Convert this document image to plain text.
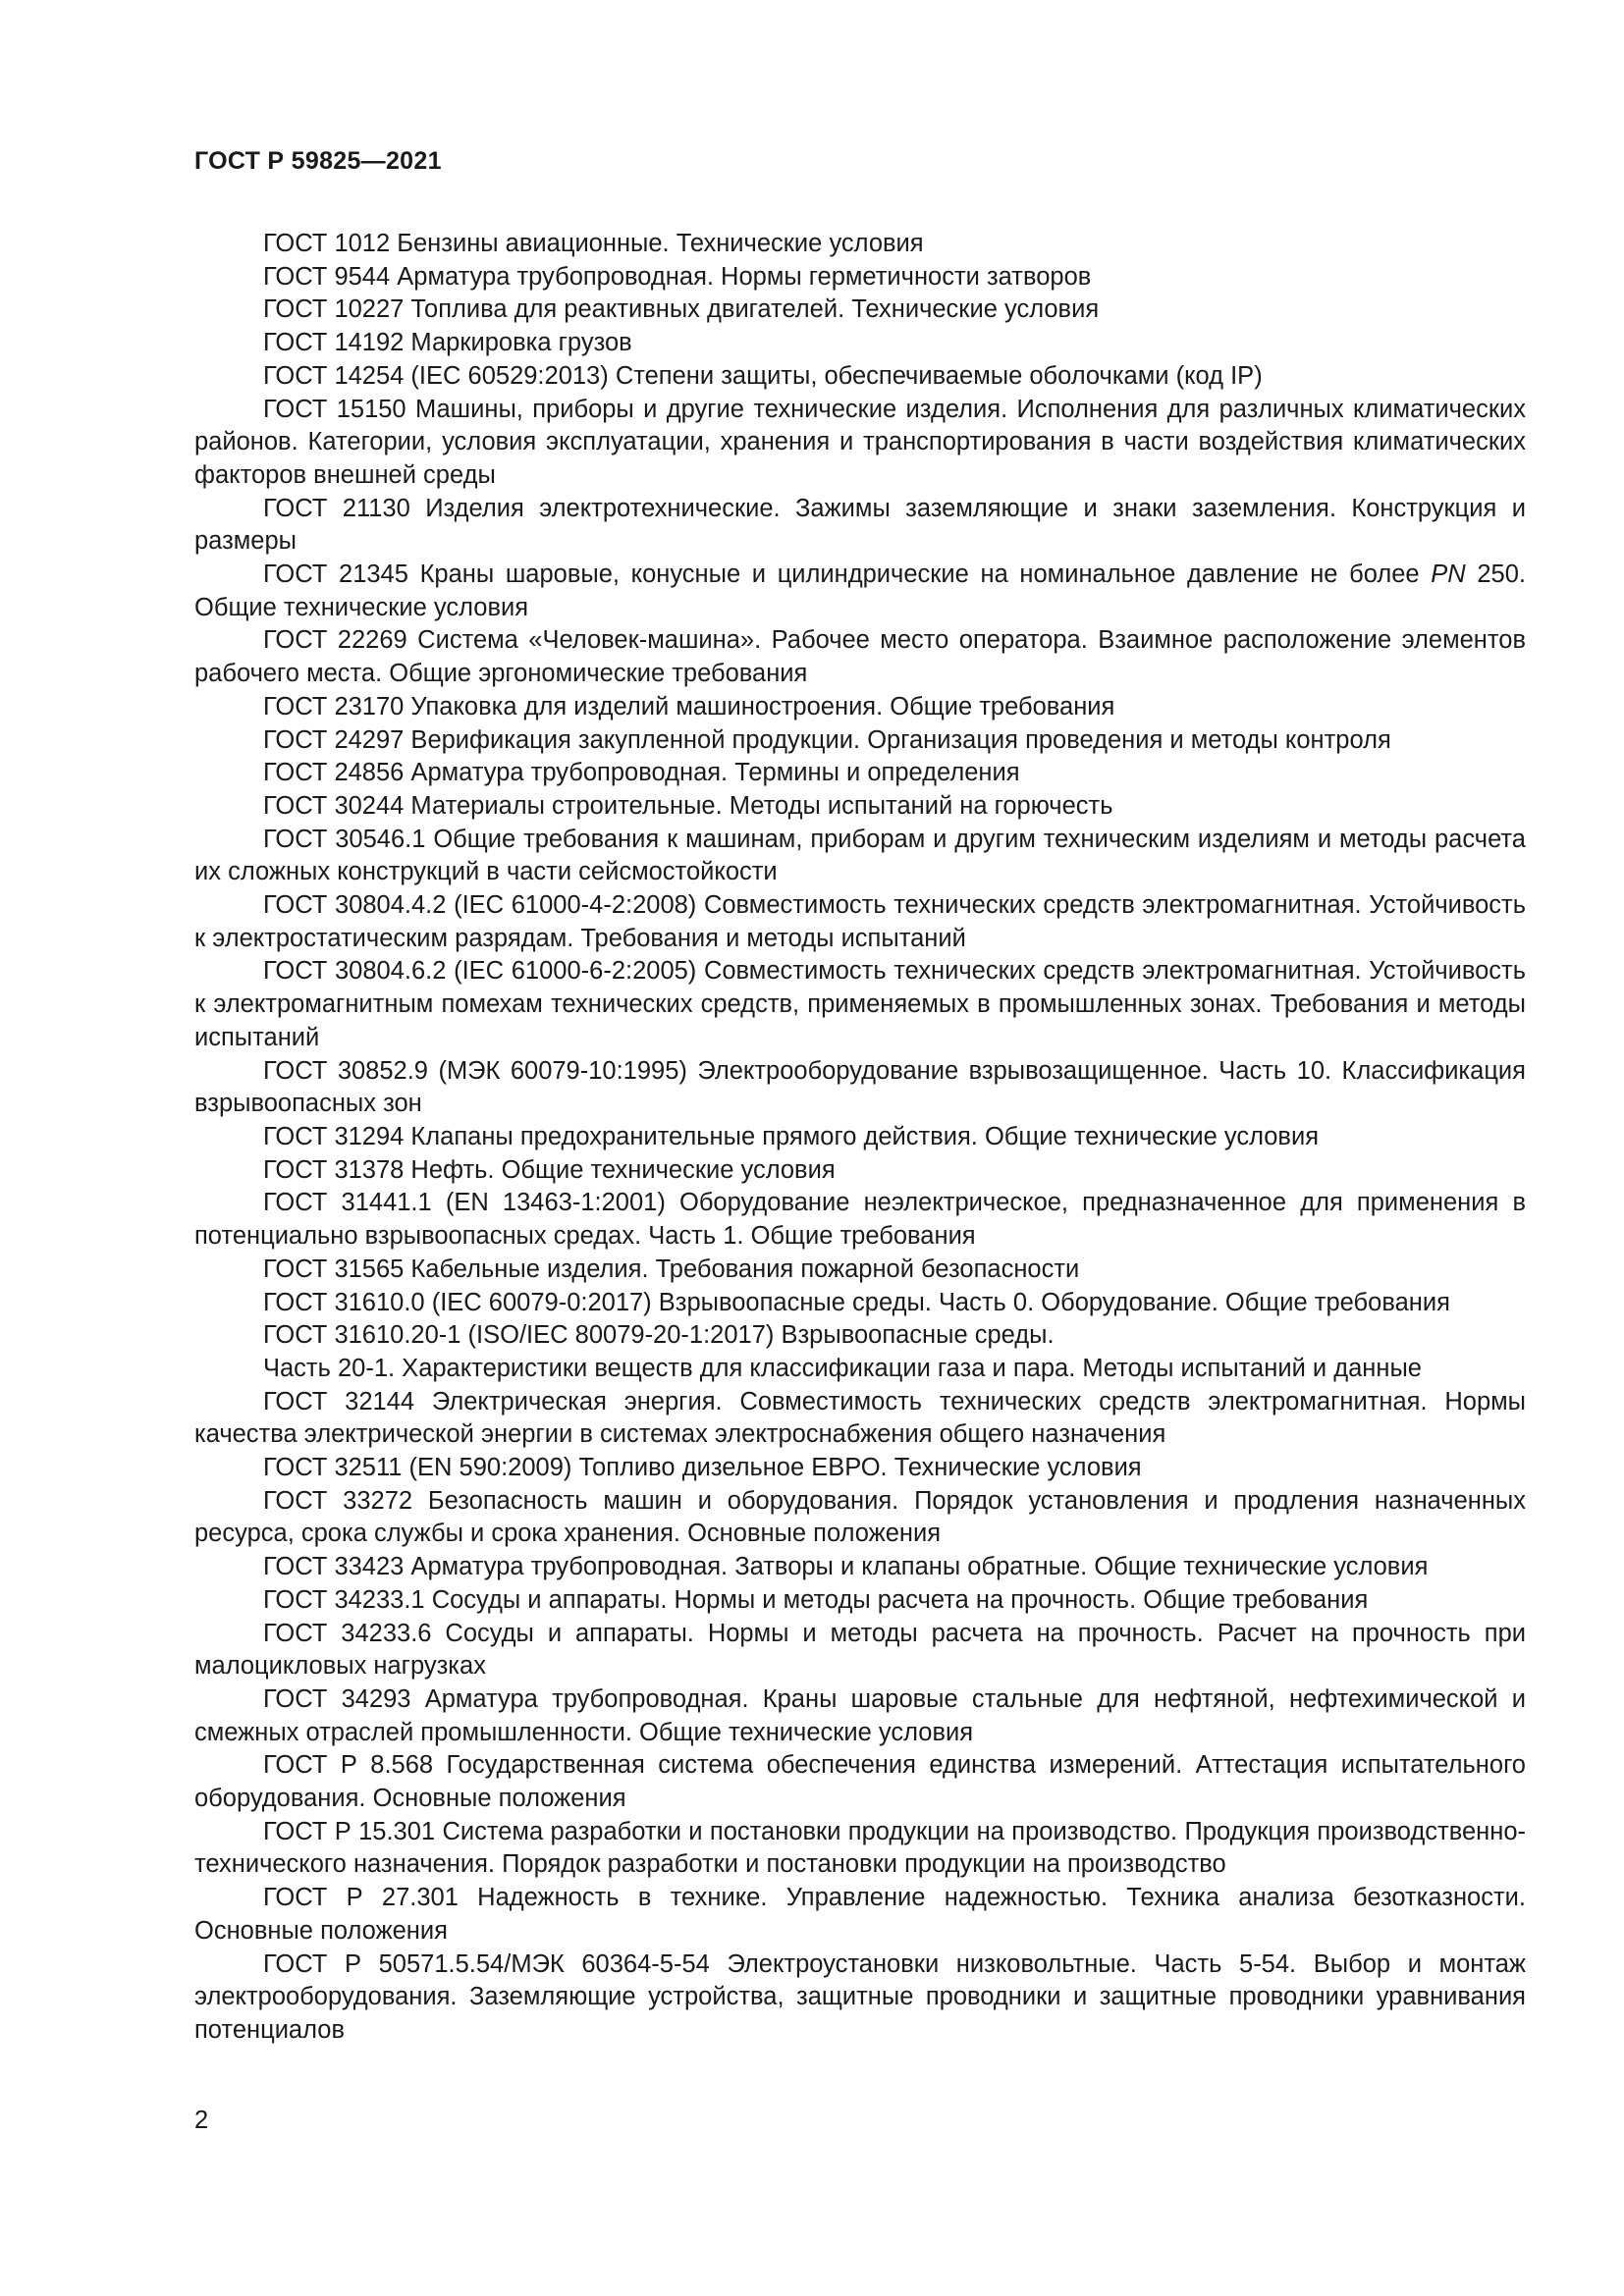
ГОСТ Р 59825—2021

ГОСТ 1012 Бензины авиационные. Технические условия

ГОСТ 9544 Арматура трубопроводная. Нормы герметичности затворов

ГОСТ 10227 Топлива для реактивных двигателей. Технические условия

ГОСТ 14192 Маркировка грузов

ГОСТ 14254 (IEC 60529:2013) Степени защиты, обеспечиваемые оболочками (код IP)

ГОСТ 15150 Машины, приборы и другие технические изделия. Исполнения для различных климатических районов. Категории, условия эксплуатации, хранения и транспортирования в части воздействия климатических факторов внешней среды

ГОСТ 21130 Изделия электротехнические. Зажимы заземляющие и знаки заземления. Конструкция и размеры

ГОСТ 21345 Краны шаровые, конусные и цилиндрические на номинальное давление не более PN 250. Общие технические условия

ГОСТ 22269 Система «Человек-машина». Рабочее место оператора. Взаимное расположение элементов рабочего места. Общие эргономические требования

ГОСТ 23170 Упаковка для изделий машиностроения. Общие требования

ГОСТ 24297 Верификация закупленной продукции. Организация проведения и методы контроля

ГОСТ 24856 Арматура трубопроводная. Термины и определения

ГОСТ 30244 Материалы строительные. Методы испытаний на горючесть

ГОСТ 30546.1 Общие требования к машинам, приборам и другим техническим изделиям и методы расчета их сложных конструкций в части сейсмостойкости

ГОСТ 30804.4.2 (IEC 61000-4-2:2008) Совместимость технических средств электромагнитная. Устойчивость к электростатическим разрядам. Требования и методы испытаний

ГОСТ 30804.6.2 (IEC 61000-6-2:2005) Совместимость технических средств электромагнитная. Устойчивость к электромагнитным помехам технических средств, применяемых в промышленных зонах. Требования и методы испытаний

ГОСТ 30852.9 (МЭК 60079-10:1995) Электрооборудование взрывозащищенное. Часть 10. Классификация взрывоопасных зон

ГОСТ 31294 Клапаны предохранительные прямого действия. Общие технические условия

ГОСТ 31378 Нефть. Общие технические условия

ГОСТ 31441.1 (EN 13463-1:2001) Оборудование неэлектрическое, предназначенное для применения в потенциально взрывоопасных средах. Часть 1. Общие требования

ГОСТ 31565 Кабельные изделия. Требования пожарной безопасности

ГОСТ 31610.0 (IEC 60079-0:2017) Взрывоопасные среды. Часть 0. Оборудование. Общие требования

ГОСТ 31610.20-1 (ISO/IEC 80079-20-1:2017) Взрывоопасные среды.

Часть 20-1. Характеристики веществ для классификации газа и пара. Методы испытаний и данные

ГОСТ 32144 Электрическая энергия. Совместимость технических средств электромагнитная. Нормы качества электрической энергии в системах электроснабжения общего назначения

ГОСТ 32511 (EN 590:2009) Топливо дизельное ЕВРО. Технические условия

ГОСТ 33272 Безопасность машин и оборудования. Порядок установления и продления назначенных ресурса, срока службы и срока хранения. Основные положения

ГОСТ 33423 Арматура трубопроводная. Затворы и клапаны обратные. Общие технические условия

ГОСТ 34233.1 Сосуды и аппараты. Нормы и методы расчета на прочность. Общие требования

ГОСТ 34233.6 Сосуды и аппараты. Нормы и методы расчета на прочность. Расчет на прочность при малоцикловых нагрузках

ГОСТ 34293 Арматура трубопроводная. Краны шаровые стальные для нефтяной, нефтехимической и смежных отраслей промышленности. Общие технические условия

ГОСТ Р 8.568 Государственная система обеспечения единства измерений. Аттестация испытательного оборудования. Основные положения

ГОСТ Р 15.301 Система разработки и постановки продукции на производство. Продукция производственно-технического назначения. Порядок разработки и постановки продукции на производство

ГОСТ Р 27.301 Надежность в технике. Управление надежностью. Техника анализа безотказности. Основные положения

ГОСТ Р 50571.5.54/МЭК 60364-5-54 Электроустановки низковольтные. Часть 5-54. Выбор и монтаж электрооборудования. Заземляющие устройства, защитные проводники и защитные проводники уравнивания потенциалов

2
